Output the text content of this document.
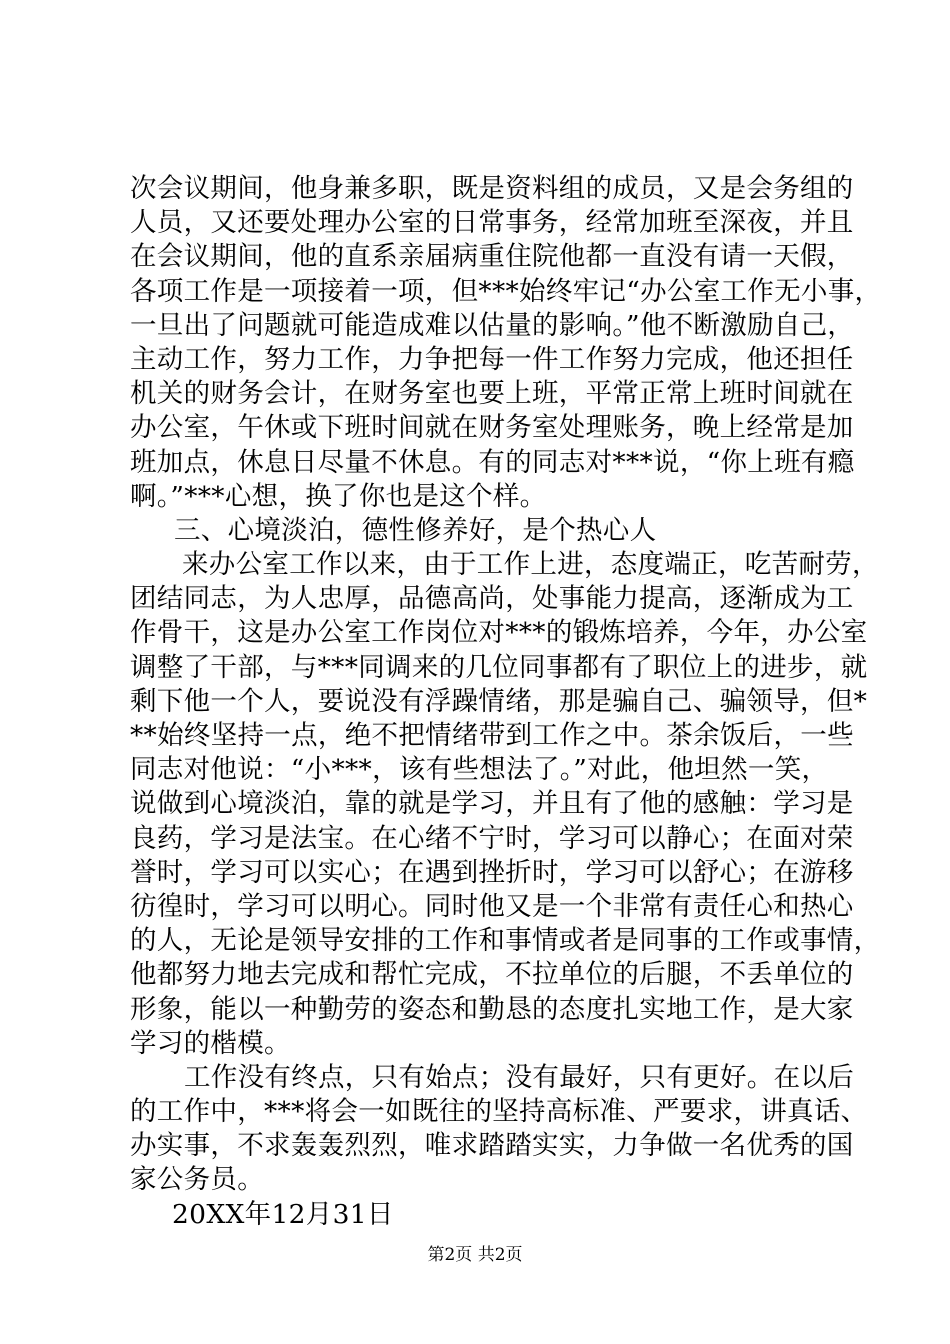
次会议期间，他身兼多职，既是资料组的成员，又是会务组的
人员，又还要处理办公室的日常事务，经常加班至深夜，并且
在会议期间，他的直系亲届病重住院他都一直没有请一天假，
各项工作是一项接着一项，但***始终牢记“办公室工作无小事，
一旦出了问题就可能造成难以估量的影响。”他不断激励自己，
主动工作，努力工作，力争把每一件工作努力完成，他还担任
机关的财务会计，在财务室也要上班，平常正常上班时间就在
办公室，午休或下班时间就在财务室处理账务，晚上经常是加
班加点，休息日尽量不休息。有的同志对***说，“你上班有瘾
啊。”***心想，换了你也是这个样。
三、心境淡泊，德性修养好，是个热心人
来办公室工作以来，由于工作上进，态度端正，吃苦耐劳，
团结同志，为人忠厚，品德高尚，处事能力提高，逐渐成为工
作骨干，这是办公室工作岗位对***的锻炼培养，今年，办公室
调整了干部，与***同调来的几位同事都有了职位上的进步，就
剩下他一个人，要说没有浮躁情绪，那是骗自己、骗领导，但*
**始终坚持一点，绝不把情绪带到工作之中。茶余饭后，一些
同志对他说：“小***，该有些想法了。”对此，他坦然一笑，
说做到心境淡泊，靠的就是学习，并且有了他的感触：学习是
良药，学习是法宝。在心绪不宁时，学习可以静心；在面对荣
誉时，学习可以实心；在遇到挫折时，学习可以舒心；在游移
彷徨时，学习可以明心。同时他又是一个非常有责任心和热心
的人，无论是领导安排的工作和事情或者是同事的工作或事情，
他都努力地去完成和帮忙完成，不拉单位的后腿，不丢单位的
形象，能以一种勤劳的姿态和勤恳的态度扎实地工作，是大家
学习的楷模。
工作没有终点，只有始点；没有最好，只有更好。在以后
的工作中，***将会一如既往的坚持高标准、严要求，讲真话、
办实事，不求轰轰烈烈，唯求踏踏实实，力争做一名优秀的国
家公务员。
20XX年12月31日
第2页 共2页
